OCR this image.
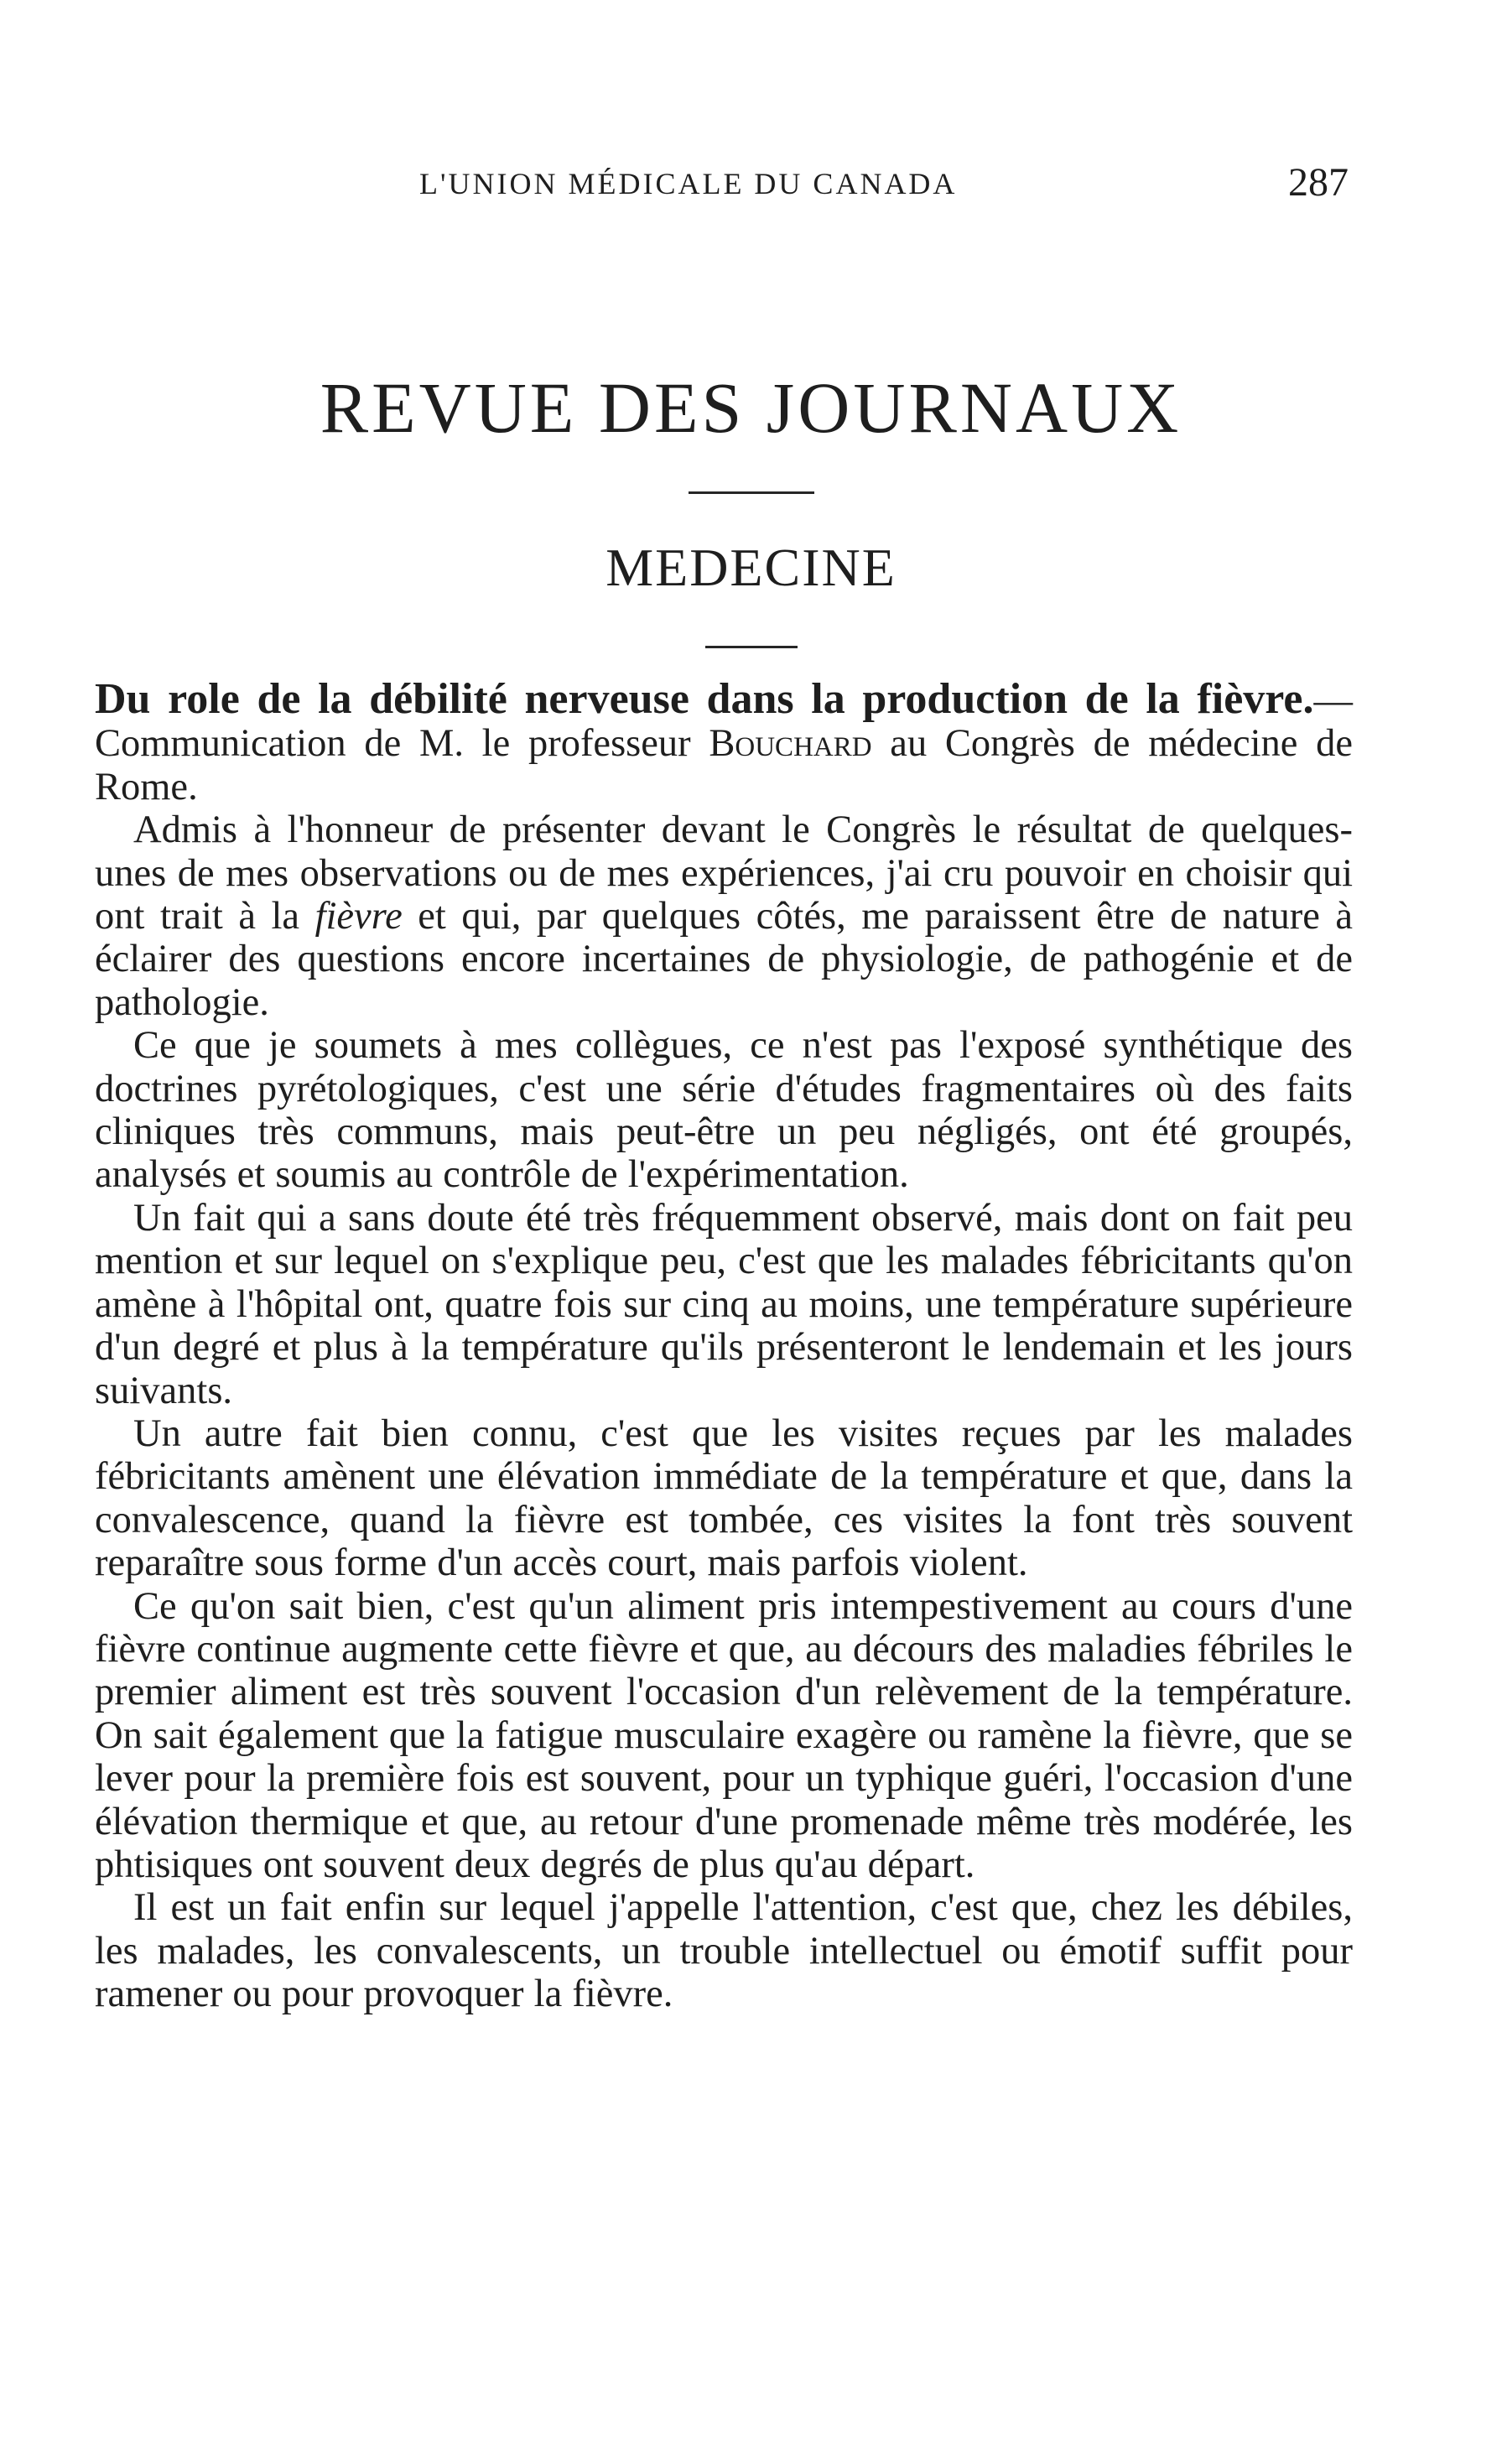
L'UNION MÉDICALE DU CANADA	287
REVUE DES JOURNAUX
MEDECINE

Du role de la débilité nerveuse dans la production de la fièvre.—Communication de M. le professeur Bouchard au Congrès de médecine de Rome.

Admis à l'honneur de présenter devant le Congrès le résultat de quelques-unes de mes observations ou de mes expériences, j'ai cru pouvoir en choisir qui ont trait à la fièvre et qui, par quelques côtés, me paraissent être de nature à éclairer des questions encore incertaines de physiologie, de pathogénie et de pathologie.

Ce que je soumets à mes collègues, ce n'est pas l'exposé synthétique des doctrines pyrétologiques, c'est une série d'études fragmentaires où des faits cliniques très communs, mais peut-être un peu négligés, ont été groupés, analysés et soumis au contrôle de l'expérimentation.

Un fait qui a sans doute été très fréquemment observé, mais dont on fait peu mention et sur lequel on s'explique peu, c'est que les malades fébricitants qu'on amène à l'hôpital ont, quatre fois sur cinq au moins, une température supérieure d'un degré et plus à la température qu'ils présenteront le lendemain et les jours suivants.

Un autre fait bien connu, c'est que les visites reçues par les malades fébricitants amènent une élévation immédiate de la température et que, dans la convalescence, quand la fièvre est tombée, ces visites la font très souvent reparaître sous forme d'un accès court, mais parfois violent.

Ce qu'on sait bien, c'est qu'un aliment pris intempestivement au cours d'une fièvre continue augmente cette fièvre et que, au décours des maladies fébriles le premier aliment est très souvent l'occasion d'un relèvement de la température. On sait également que la fatigue musculaire exagère ou ramène la fièvre, que se lever pour la première fois est souvent, pour un typhique guéri, l'occasion d'une élévation thermique et que, au retour d'une promenade même très modérée, les phtisiques ont souvent deux degrés de plus qu'au départ.

Il est un fait enfin sur lequel j'appelle l'attention, c'est que, chez les débiles, les malades, les convalescents, un trouble intellectuel ou émotif suffit pour ramener ou pour provoquer la fièvre.
